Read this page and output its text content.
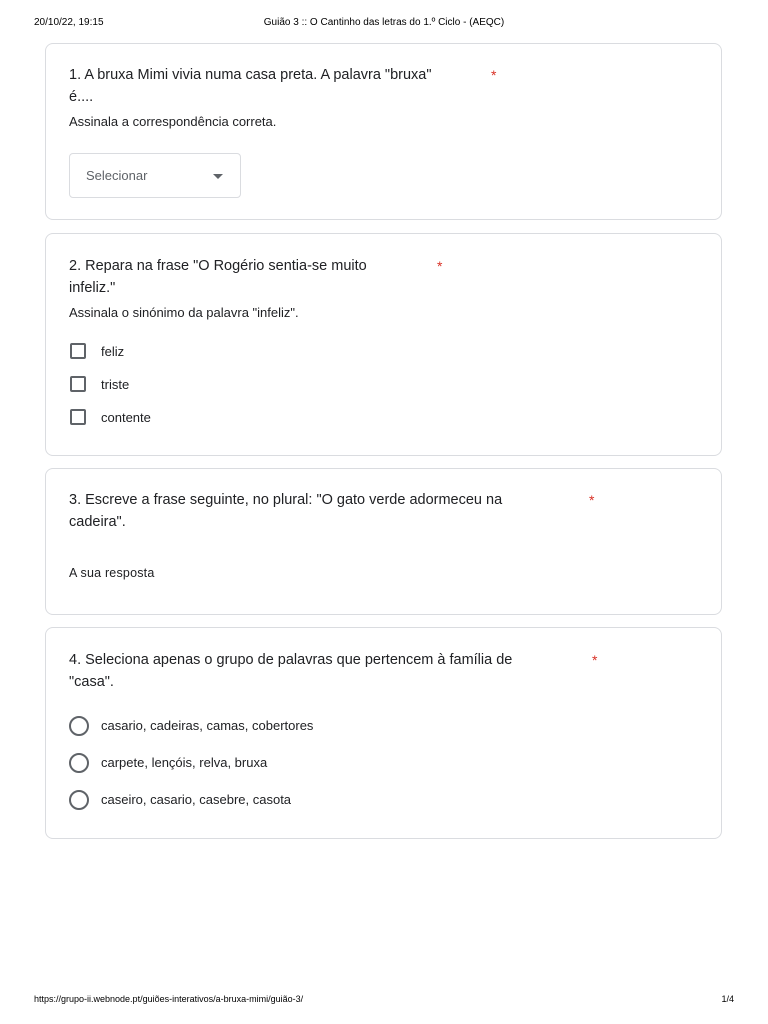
20/10/22, 19:15	Guião 3 :: O Cantinho das letras do 1.º Ciclo - (AEQC)
1. A bruxa Mimi vivia numa casa preta. A palavra "bruxa"
é....
*
Assinala a correspondência correta.
Selecionar
2. Repara na frase "O Rogério sentia-se muito
infeliz."
*
Assinala o sinónimo da palavra "infeliz".
feliz
triste
contente
3. Escreve a frase seguinte, no plural: "O gato verde adormeceu na
cadeira".
*
A sua resposta
4. Seleciona apenas o grupo de palavras que pertencem à família de
"casa".
*
casario, cadeiras, camas, cobertores
carpete, lençóis, relva, bruxa
caseiro, casario, casebre, casota
https://grupo-ii.webnode.pt/guiões-interativos/a-bruxa-mimi/guião-3/	1/4
